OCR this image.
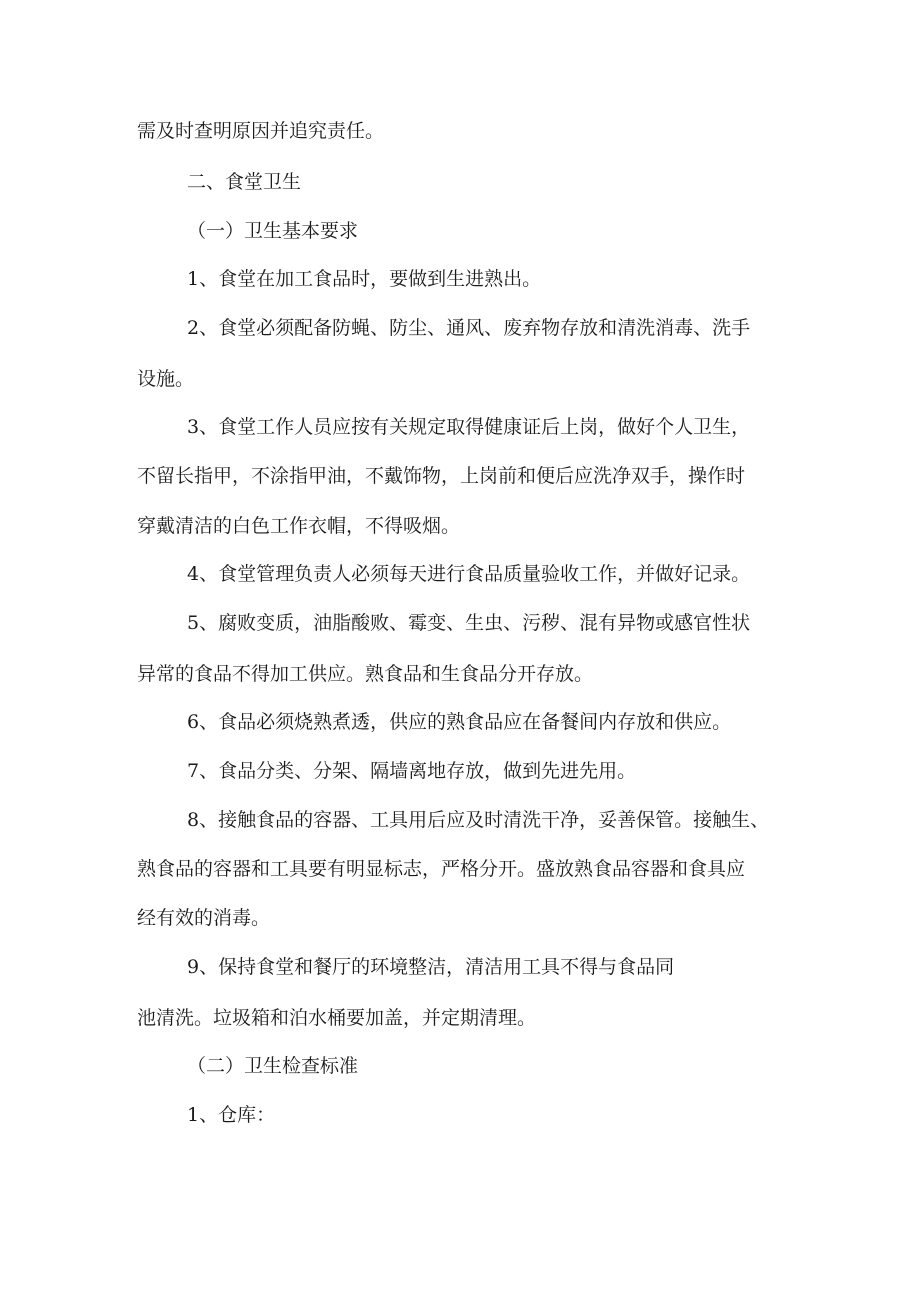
需及时查明原因并追究责任。
二、食堂卫生
（一）卫生基本要求
1、食堂在加工食品时，要做到生进熟出。
2、食堂必须配备防蝇、防尘、通风、废弃物存放和清洗消毒、洗手
设施。
3、食堂工作人员应按有关规定取得健康证后上岗，做好个人卫生，
不留长指甲，不涂指甲油，不戴饰物，上岗前和便后应洗净双手，操作时
穿戴清洁的白色工作衣帽，不得吸烟。
4、食堂管理负责人必须每天进行食品质量验收工作，并做好记录。
5、腐败变质，油脂酸败、霉变、生虫、污秽、混有异物或感官性状
异常的食品不得加工供应。熟食品和生食品分开存放。
6、食品必须烧熟煮透，供应的熟食品应在备餐间内存放和供应。
7、食品分类、分架、隔墙离地存放，做到先进先用。
8、接触食品的容器、工具用后应及时清洗干净，妥善保管。接触生、
熟食品的容器和工具要有明显标志，严格分开。盛放熟食品容器和食具应
经有效的消毒。
9、保持食堂和餐厅的环境整洁，清洁用工具不得与食品同
池清洗。垃圾箱和泊水桶要加盖，并定期清理。
（二）卫生检查标准
1、仓库：
